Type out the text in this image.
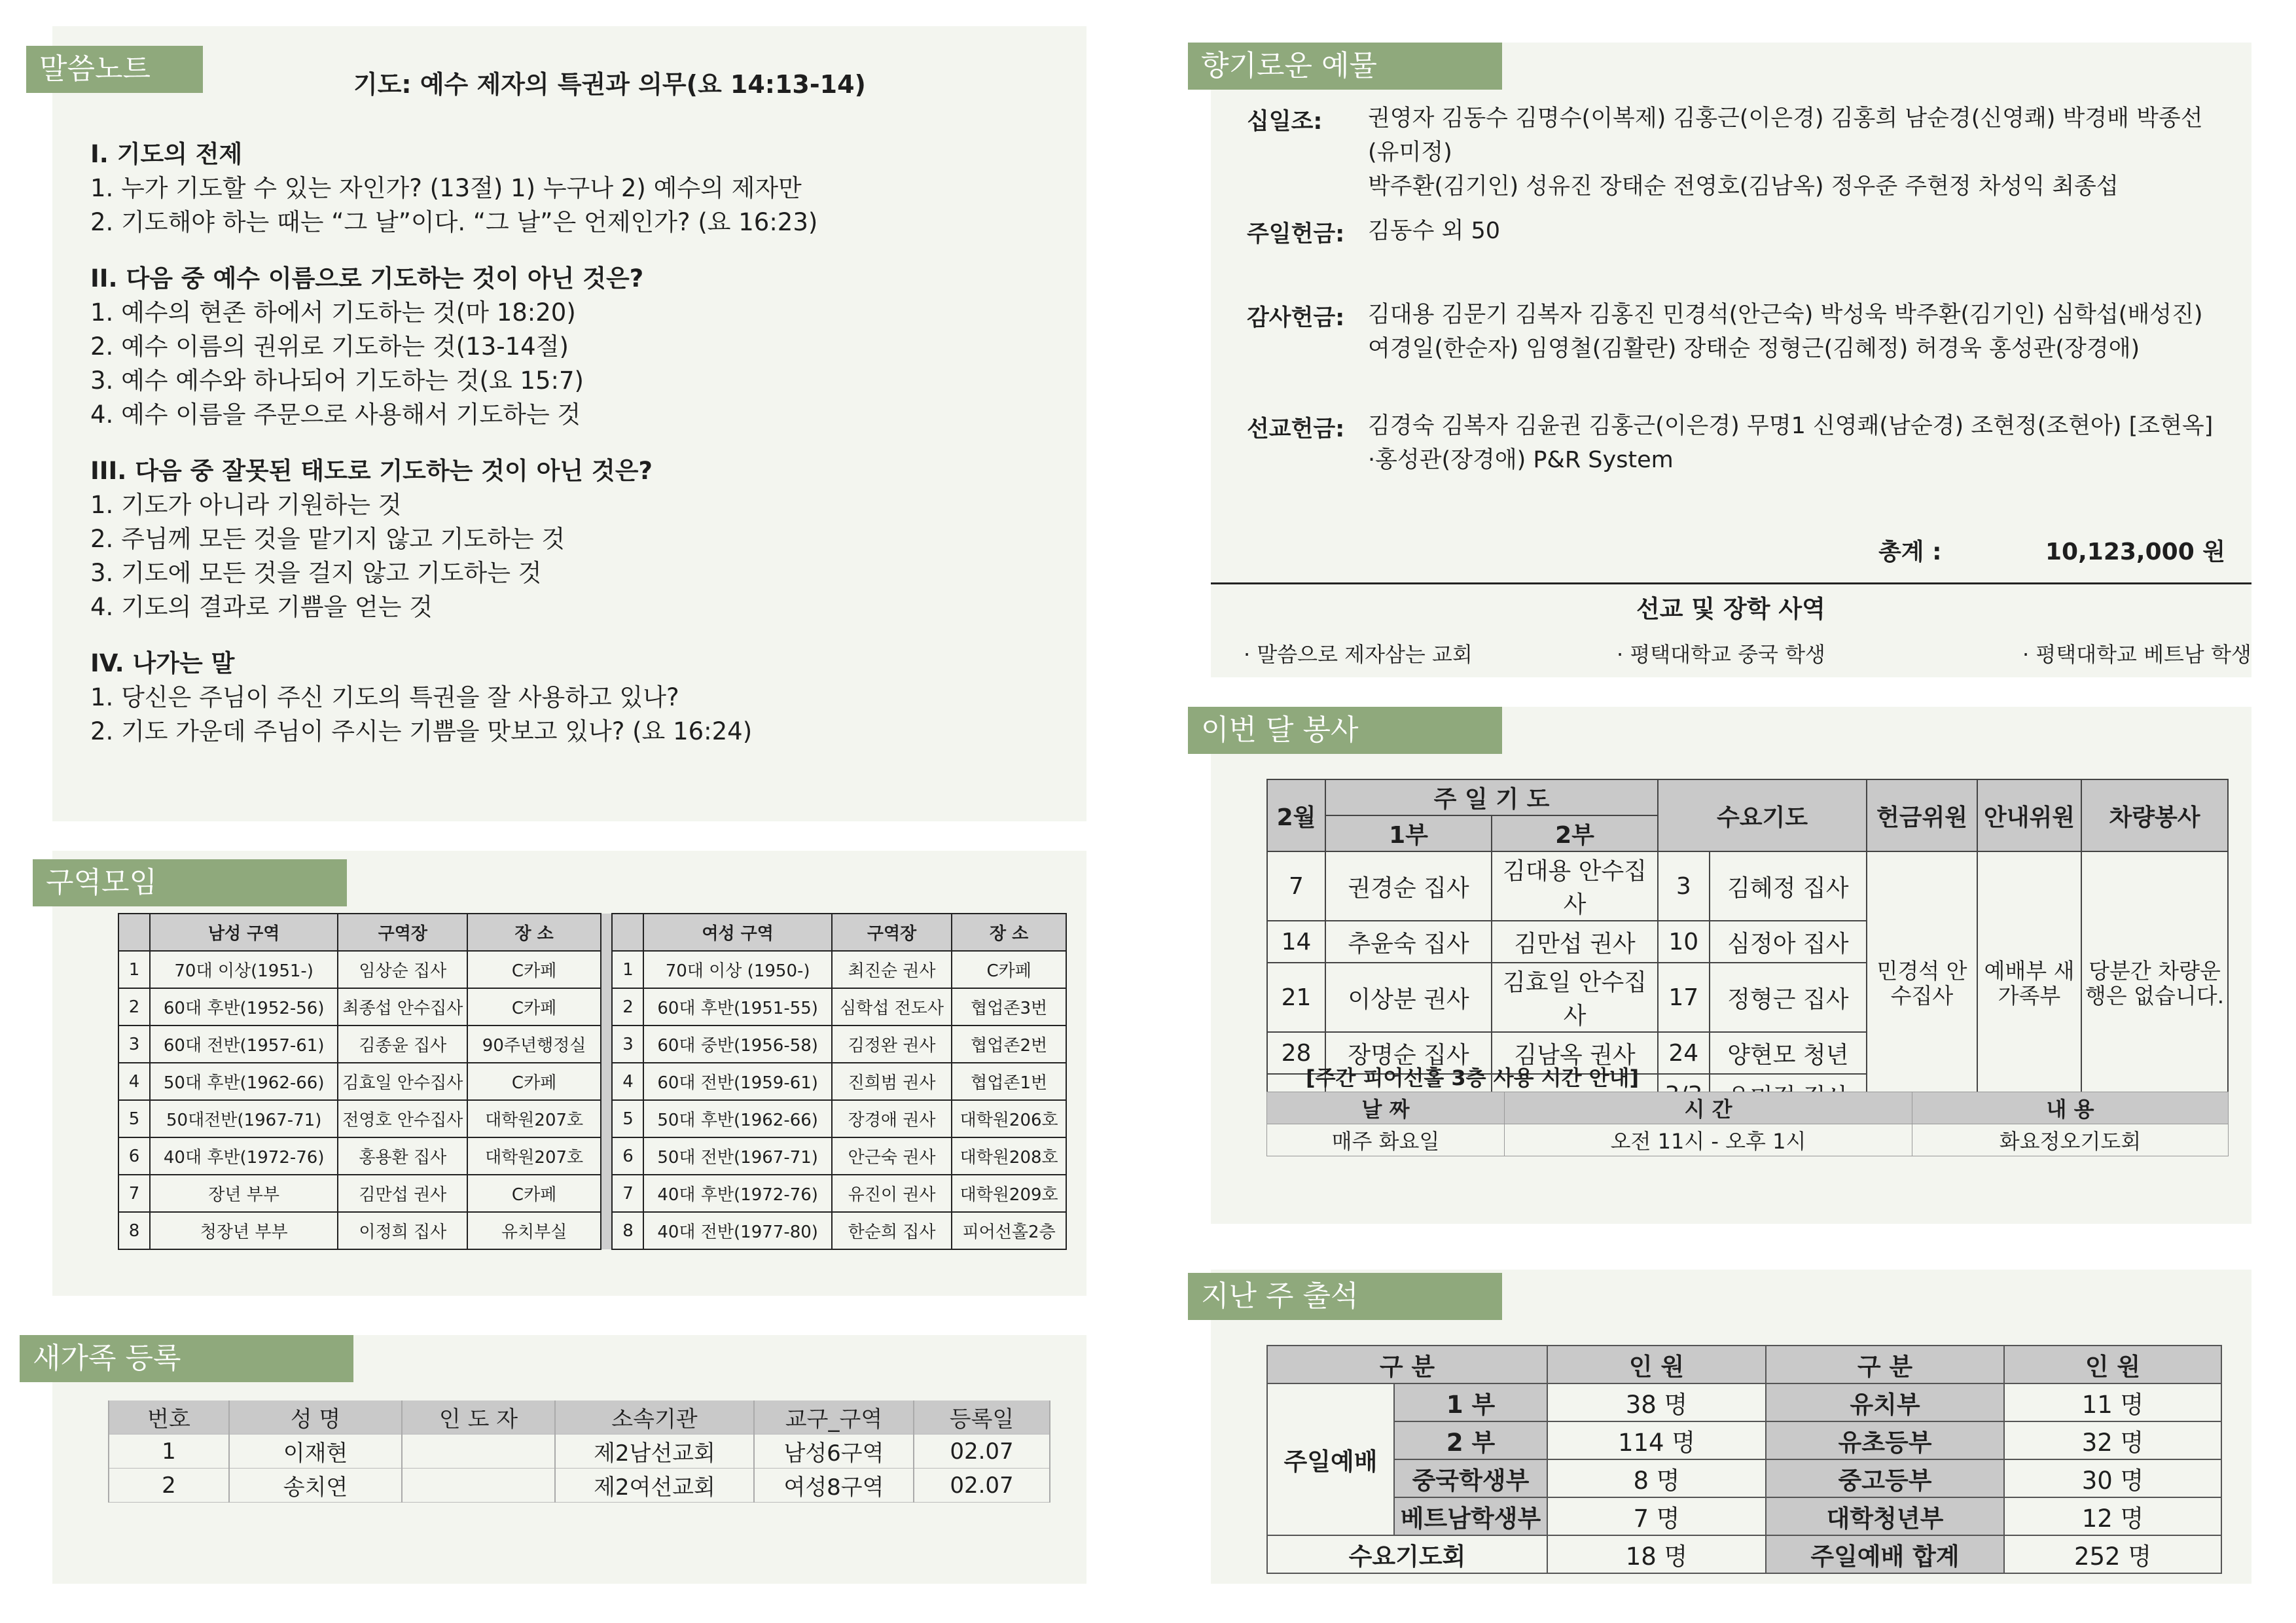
말씀노트	기도: 예수 제자의 특권과 의무(요 14:13-14)
I. 기도의 전제
1. 누가 기도할 수 있는 자인가? (13절) 1) 누구나 2) 예수의 제자만
2. 기도해야 하는 때는 “그 날”이다. “그 날”은 언제인가? (요 16:23)
II. 다음 중 예수 이름으로 기도하는 것이 아닌 것은?
1. 예수의 현존 하에서 기도하는 것(마 18:20)
2. 예수 이름의 권위로 기도하는 것(13-14절)
3. 예수 예수와 하나되어 기도하는 것(요 15:7)
4. 예수 이름을 주문으로 사용해서 기도하는 것
III. 다음 중 잘못된 태도로 기도하는 것이 아닌 것은?
1. 기도가 아니라 기원하는 것
2. 주님께 모든 것을 맡기지 않고 기도하는 것
3. 기도에 모든 것을 걸지 않고 기도하는 것
4. 기도의 결과로 기쁨을 얻는 것
IV. 나가는 말
1. 당신은 주님이 주신 기도의 특권을 잘 사용하고 있나?
2. 기도 가운데 주님이 주시는 기쁨을 맛보고 있나? (요 16:24)
구역모임
	남성 구역	구역장	장 소			여성 구역	구역장	장 소
1	70대 이상(1951-)	임상순 집사	C카페		1	70대 이상 (1950-)	최진순 권사	C카페
2	60대 후반(1952-56)	최종섭 안수집사	C카페		2	60대 후반(1951-55)	심학섭 전도사	협업존3번
3	60대 전반(1957-61)	김종윤 집사	90주년행정실		3	60대 중반(1956-58)	김정완 권사	협업존2번
4	50대 후반(1962-66)	김효일 안수집사	C카페		4	60대 전반(1959-61)	진희범 권사	협업존1번
5	50대전반(1967-71)	전영호 안수집사	대학원207호		5	50대 후반(1962-66)	장경애 권사	대학원206호
6	40대 후반(1972-76)	홍용환 집사	대학원207호		6	50대 전반(1967-71)	안근숙 권사	대학원208호
7	장년 부부	김만섭 권사	C카페		7	40대 후반(1972-76)	유진이 권사	대학원209호
8	청장년 부부	이정희 집사	유치부실		8	40대 전반(1977-80)	한순희 집사	피어선홀2층
새가족 등록
번호	성 명	인 도 자	소속기관	교구_구역	등록일
1	이재현		제2남선교회	남성6구역	02.07
2	송치연		제2여선교회	여성8구역	02.07
향기로운 예물
십일조: 권영자 김동수 김명수(이복제) 김홍근(이은경) 김홍희 남순경(신영쾌) 박경배 박종선(유미정)
박주환(김기인) 성유진 장태순 전영호(김남옥) 정우준 주현정 차성익 최종섭
주일헌금: 김동수 외 50
감사헌금: 김대용 김문기 김복자 김홍진 민경석(안근숙) 박성욱 박주환(김기인) 심학섭(배성진)
여경일(한순자) 임영철(김활란) 장태순 정형근(김혜정) 허경욱 홍성관(장경애)
선교헌금: 김경숙 김복자 김윤권 김홍근(이은경) 무명1 신영쾌(남순경) 조현정(조현아) [조현옥]
·홍성관(장경애) P&R System
총계 :	10,123,000 원
선교 및 장학 사역
· 말씀으로 제자삼는 교회	· 평택대학교 중국 학생	· 평택대학교 베트남 학생
이번 달 봉사
2월	주 일 기 도		수요기도		헌금위원	안내위원	차량봉사
	1부	2부					
7	권경순 집사	김대용 안수집사	3	김혜정 집사	민경석 안수집사	예배부 새가족부	당분간 차량운행은 없습니다.
14	추윤숙 집사	김만섭 권사	10	심정아 집사			
21	이상분 권사	김효일 안수집사	17	정형근 집사			
28	장명순 집사	김남옥 권사	24	양현모 청년			

[주간 피어선홀 3층 사용 시간 안내]
날 짜	시 간	내 용
매주 화요일	오전 11시 - 오후 1시	화요정오기도회
지난 주 출석
구 분		인 원	구 분	인 원
주일예배	1 부	38 명	유치부	11 명
	2 부	114 명	유초등부	32 명
	중국학생부	8 명	중고등부	30 명
	베트남학생부	7 명	대학청년부	12 명
수요기도회		18 명	주일예배 합계	252 명
